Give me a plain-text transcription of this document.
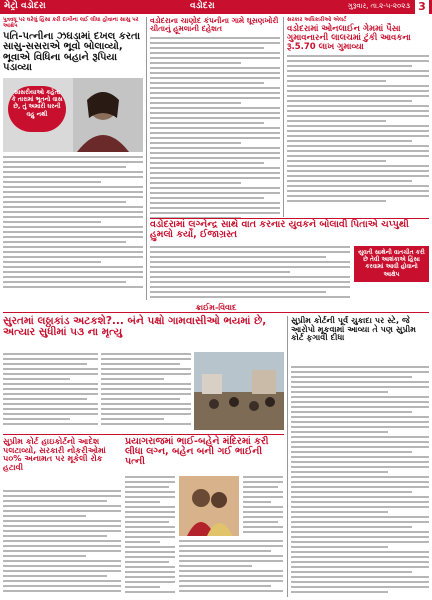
મેટ્રો વડોદરા	વડોદરા	ગુરૂવાર, તા.૨-૫-૨૦૨૩ 3
પુત્રવધૂ પર ઘરેલું હિંસા કરી દાગીના લઈ લીધા હોવાના સાસુ પર આક્ષેપ
પતિ-પત્નીના ઝઘડામાં દખલ કરતા સાસુ-સસરાએ ભૂવો બોલાવ્યો, ભૂવાએ વિધિના બહાને રૂપિયા પડાવ્યા
સાસરીયાઓ કહેતા કે તારામાં ભૂતનો વાસ છે, તું અમારી ઘરની વહુ નથી
વડોદરાના ચાણોદ કંપનીના ગામે ઘૂસણખોરી ચીતાનું હૂમલાની દહેશત
સરકાર અધિકારીઓ એલર્ટ
વડોદરામાં ઓનલાઈન ગેમમાં પૈસા ગુમાવનારની લાલચમાં ટુંકી આવકના રૂ.5.70 લાખ ગુમાવ્યા
વડોદરામાં લગ્નેન્દ્ર સાથે વાત કરનાર યુવકને બોલાવી પિતાએ ચપ્પુથી હુમલો કર્યો, ઈજાગ્રસ્ત
યુવતી સાથેની વાતચીત કરી છે તેવી આશંકાએ હિંસા કરવામાં આવી હોવાનો આક્ષેપ
ક્રાઈમ-વિવાદ
સુરતમાં લઠ્ઠાકાંડ અટકશે?... બંને પક્ષો ગામવાસીઓ ભયમાં છે, અત્યાર સુધીમાં ૫૩ ના મૃત્યુ
સુપ્રીમ કોર્ટની પૂર્વ ચુકાદા પર સ્ટે, જે આરોપો મૂકવામાં આવ્યા તે પણ સુપ્રીમ કોર્ટ ફગાવી દીધા
સુપ્રીમ કોર્ટ હાઇકોર્ટનો આદેશ પલટાવ્યો, સરકારી નોકરીઓમાં ૫૦% અનામત પર મૂકેલી રોક હટાવી
પ્રયાગરાજમાં ભાઈ-બહેને મંદિરમાં કરી લીધા લગ્ન, બહેન બની ગઈ ભાઈની પત્ની
